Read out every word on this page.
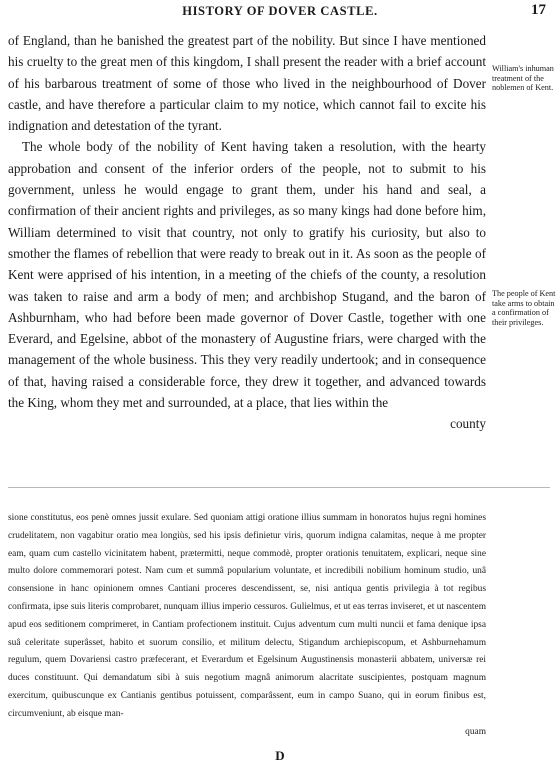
HISTORY OF DOVER CASTLE.	17

of England, than he banished the greatest part of the nobility. But since I have mentioned his cruelty to the great men of this kingdom, I shall present the reader with a brief account of his barbarous treatment of some of those who lived in the neighbourhood of Dover castle, and have therefore a particular claim to my notice, which cannot fail to excite his indignation and detestation of the tyrant.

The whole body of the nobility of Kent having taken a resolution, with the hearty approbation and consent of the inferior orders of the people, not to submit to his government, unless he would engage to grant them, under his hand and seal, a confirmation of their ancient rights and privileges, as so many kings had done before him, William determined to visit that country, not only to gratify his curiosity, but also to smother the flames of rebellion that were ready to break out in it. As soon as the people of Kent were apprised of his intention, in a meeting of the chiefs of the county, a resolution was taken to raise and arm a body of men; and archbishop Stugand, and the baron of Ashburnham, who had before been made governor of Dover Castle, together with one Everard, and Egelsine, abbot of the monastery of Augustine friars, were charged with the management of the whole business. This they very readily undertook; and in consequence of that, having raised a considerable force, they drew it together, and advanced towards the King, whom they met and surrounded, at a place, that lies within the

county

William's inhuman treatment of the noblemen of Kent.
The people of Kent take arms to obtain a confirmation of their privileges.

sione constitutus, eos penè omnes jussit exulare. Sed quoniam attigi oratione illius summam in honoratos hujus regni homines crudelitatem, non vagabitur oratio mea longiùs, sed his ipsis definietur viris, quorum indigna calamitas, neque à me propter eam, quam cum castello vicinitatem habent, prætermitti, neque commodè, propter orationis tenuitatem, explicari, neque sine multo dolore commemorari potest. Nam cum et summâ popularium voluntate, et incredibili nobilium hominum studio, unâ consensione in hanc opinionem omnes Cantiani proceres descendissent, se, nisi antiqua gentis privilegia à tot regibus confirmata, ipse suis literis comprobaret, nunquam illius imperio cessuros. Gulielmus, et ut eas terras inviseret, et ut nascentem apud eos seditionem comprimeret, in Cantiam profectionem instituit. Cujus adventum cum multi nuncii et fama denique ipsa suâ celeritate superâsset, habito et suorum consilio, et militum delectu, Stigandum archiepiscopum, et Ashburnehamum regulum, quem Dovariensi castro præfecerant, et Everardum et Egelsinum Augustinensis monasterii abbatem, universæ rei duces constituunt. Qui demandatum sibi à suis negotium magnâ animorum alacritate suscipientes, postquam magnum exercitum, quibuscunque ex Cantianis gentibus potuissent, comparâssent, eum in campo Suano, qui in eorum finibus est, circumveniunt, ab eisque man-

quam

D
